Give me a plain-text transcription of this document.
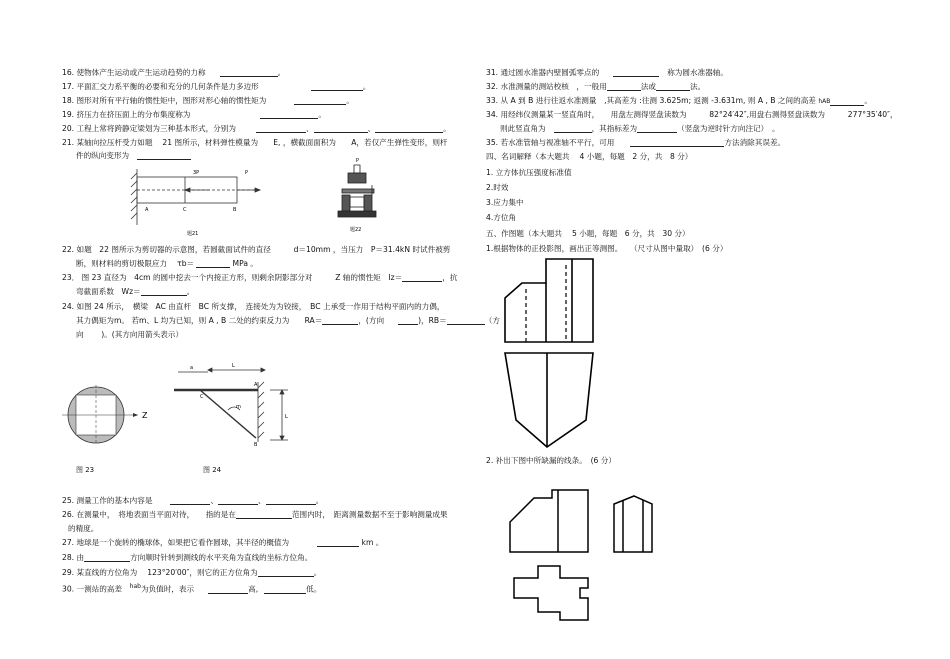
16. 使物体产生运动或产生运动趋势的力称	。
17. 平面汇交力系平衡的必要和充分的几何条件是力多边形	。
18. 图形对所有平行轴的惯性矩中，图形对形心轴的惯性矩为	。
19. 挤压力在挤压面上的分布集度称为	。
20. 工程上常将跨静定梁划为三种基本形式，分别为	、	、	。
21. 某轴向拉压杆受力如题　 21 图所示，材料弹性模量为　　E, ，横截面面积为　　A，若仅产生弹性变形，则杆
件的纵向变形为
A	C	B
3P	P
题21
P
题22
22. 如题　22 图所示为剪切器的示意图，若圆截面试件的直径　　　d＝10mm ，当压力　P＝31.4kN 时试件被剪
断，则材料的剪切极限应力　 τb＝	MPa 。
23． 图 23 直径为　4cm 的圆中挖去一个内接正方形，则剩余阴影部分对　　　Z 轴的惯性矩　Iz＝	，抗
弯截面系数　Wz＝	。
24. 如图 24 所示，　横梁　AC 由直杆　BC 所支撑，　连接处为为铰接，　BC 上承受一作用于结构平面内的力偶，
其力偶矩为m。 若m、L 均为已知，则 A , B 二处的约束反力为　　RA＝	，(方向	)，RB＝	（方
向　　 )。(其方向用箭头表示）
Z
图 23
a	L
A
C
m
B
L
图 24
25. 测量工作的基本内容是	、	、	。
26. 在测量中，　将地表面当平面对待，　　指的是在	范围内时，　距离测量数据不至于影响测量成果
的精度。
27. 地球是一个旋转的椭球体，如果把它看作圆球，其半径的概值为	km 。
28. 由	方向顺时针转到测线的水平夹角为直线的坐标方位角。
29. 某直线的方位角为　 123°20′00″，则它的正方位角为	。
30. 一测站的高差　$^{hab}$为负值时，表示	高,	低。
31. 通过圆水准器内壁圆弧零点的	称为圆水准器轴。
32. 水准测量的测站校核　，一般用	法或	法。
33. 从 A 到 B 进行往返水准测量　,其高差为 :往测 3.625m; 返测 -3.631m, 则 A , B 之间的高差 hAB	。
34. 用经纬仪测量某一竖直角时，　　用盘左测得竖盘读数为　　　82°24′42″,用盘右测得竖盘读数为　　　277°35′40″，
则此竖直角为	，其指标差为	（竖盘为逆时针方向注记）　。
35. 若水准管轴与视准轴不平行，可用	方法消除其误差。
四、名词解释（本大题共　 4 小题，每题　2 分，共　8 分）
1. 立方体抗压强度标准值
2.时效
3.应力集中
4.方位角
五、作图题（本大题共　 5 小题，每题　6 分，共　30 分）
1.根据物体的正投影图，画出正等测图。　　（尺寸从图中量取）　(6 分）
2. 补出下图中所缺漏的线条。　(6 分）
